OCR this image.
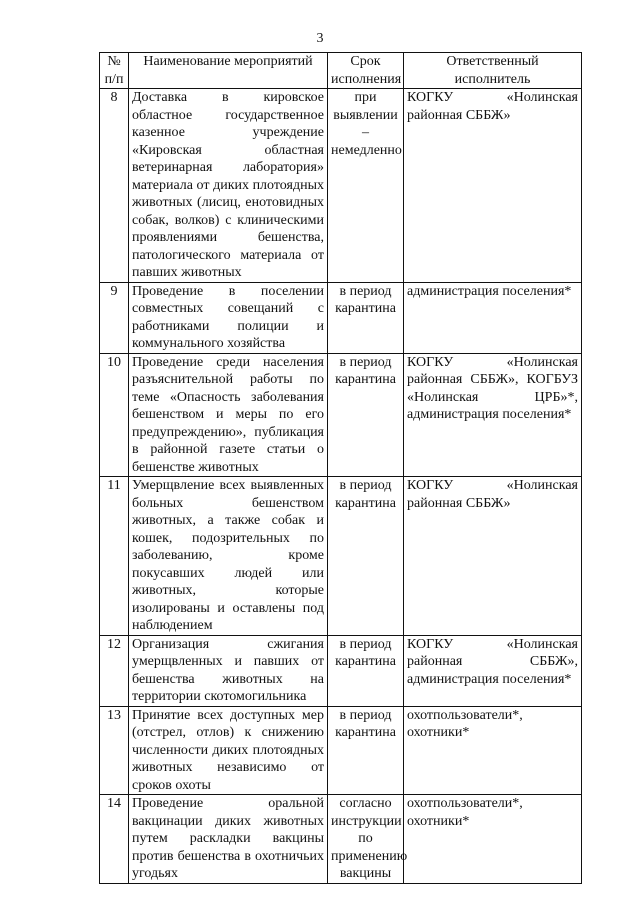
3
№ п/п	Наименование мероприятий	Срок исполнения	Ответственный исполнитель
8	Доставка в кировское областное государственное казенное учреждение «Кировская областная ветеринарная лаборатория» материала от диких плотоядных животных (лисиц, енотовидных собак, волков) с клиническими проявлениями бешенства, патологического материала от павших животных	при выявлении – немедленно	КОГКУ «Нолинская районная СББЖ»
9	Проведение в поселении совместных совещаний с работниками полиции и коммунального хозяйства	в период карантина	администрация поселения*
10	Проведение среди населения разъяснительной работы по теме «Опасность заболевания бешенством и меры по его предупреждению», публикация в районной газете статьи о бешенстве животных	в период карантина	КОГКУ «Нолинская районная СББЖ», КОГБУЗ «Нолинская ЦРБ»*, администрация поселения*
11	Умерщвление всех выявленных больных бешенством животных, а также собак и кошек, подозрительных по заболеванию, кроме покусавших людей или животных, которые изолированы и оставлены под наблюдением	в период карантина	КОГКУ «Нолинская районная СББЖ»
12	Организация сжигания умерщвленных и павших от бешенства животных на территории скотомогильника	в период карантина	КОГКУ «Нолинская районная СББЖ», администрация поселения*
13	Принятие всех доступных мер (отстрел, отлов) к снижению численности диких плотоядных животных независимо от сроков охоты	в период карантина	охотпользователи*, охотники*
14	Проведение оральной вакцинации диких животных путем раскладки вакцины против бешенства в охотничьих угодьях	согласно инструкции по применению вакцины	охотпользователи*, охотники*
